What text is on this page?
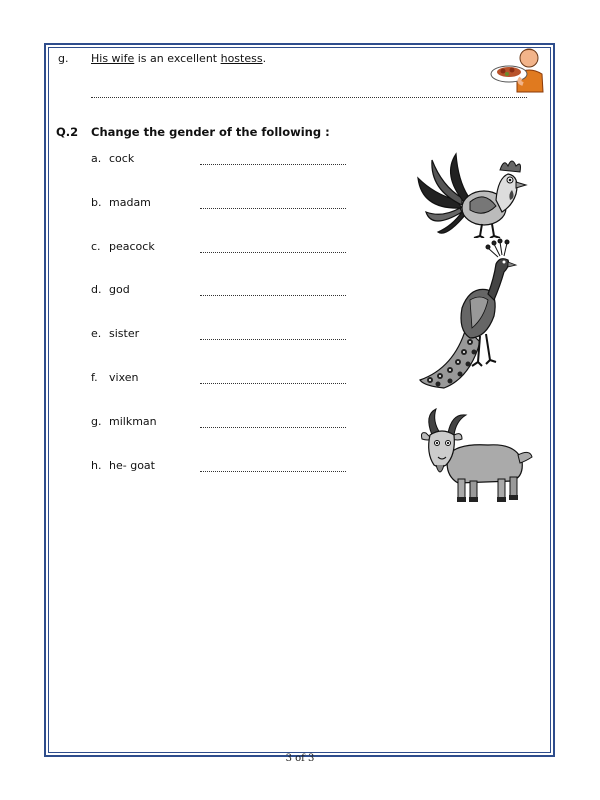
g. His wife is an excellent hostess.
Q.2 Change the gender of the following :
a. cock
b. madam
c. peacock
d. god
e. sister
f. vixen
g. milkman
h. he- goat
3 of 3
